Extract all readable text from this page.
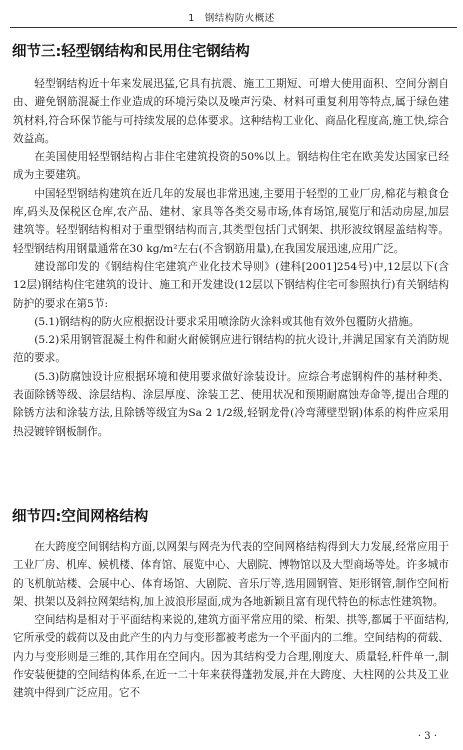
1　钢结构防火概述
细节三:轻型钢结构和民用住宅钢结构

轻型钢结构近十年来发展迅猛,它具有抗震、施工工期短、可增大使用面积、空间分割自由、避免钢筋混凝土作业造成的环境污染以及噪声污染、材料可重复利用等特点,属于绿色建筑材料,符合环保节能与可持续发展的总体要求。这种结构工业化、商品化程度高,施工快,综合效益高。

在美国使用轻型钢结构占非住宅建筑投资的50%以上。钢结构住宅在欧美发达国家已经成为主要建筑。

中国轻型钢结构建筑在近几年的发展也非常迅速,主要用于轻型的工业厂房,棉花与粮食仓库,码头及保税区仓库,农产品、建材、家具等各类交易市场,体育场馆,展览厅和活动房屋,加层建筑等。轻型钢结构相对于重型钢结构而言,其类型包括门式钢架、拱形波纹钢屋盖结构等。轻型钢结构用钢量通常在30 kg/m²左右(不含钢筋用量),在我国发展迅速,应用广泛。

建设部印发的《钢结构住宅建筑产业化技术导则》(建科[2001]254号)中,12层以下(含12层)钢结构住宅建筑的设计、施工和开发建设(12层以下钢结构住宅可参照执行)有关钢结构防护的要求在第5节:

(5.1)钢结构的防火应根据设计要求采用喷涂防火涂料或其他有效外包覆防火措施。

(5.2)采用钢管混凝土构件和耐火耐候钢应进行钢结构的抗火设计,并满足国家有关消防规范的要求。

(5.3)防腐蚀设计应根据环境和使用要求做好涂装设计。应综合考虑钢构件的基材种类、表面除锈等级、涂层结构、涂层厚度、涂装工艺、使用状况和预期耐腐蚀寿命等,提出合理的除锈方法和涂装方法,且除锈等级宜为Sa 2 1/2级,轻钢龙骨(冷弯薄壁型钢)体系的构件应采用热浸镀锌钢板制作。

细节四:空间网格结构

在大跨度空间钢结构方面,以网架与网壳为代表的空间网格结构得到大力发展,经常应用于工业厂房、机库、候机楼、体育馆、展览中心、大剧院、博物馆以及大型商场等处。许多城市的飞机航站楼、会展中心、体育场馆、大剧院、音乐厅等,选用圆钢管、矩形钢管,制作空间桁架、拱架以及斜拉网架结构,加上波浪形屋面,成为各地新颖且富有现代特色的标志性建筑物。

空间结构是相对于平面结构来说的,建筑方面平常应用的梁、桁架、拱等,都属于平面结构,它所承受的载荷以及由此产生的内力与变形都被考虑为一个平面内的二维。空间结构的荷载、内力与变形则是三维的,其作用在空间内。因为其结构受力合理,刚度大、质量轻,杆件单一,制作安装便捷的空间结构体系,在近一二十年来获得蓬勃发展,并在大跨度、大柱网的公共及工业建筑中得到广泛应用。它不

· 3 ·
